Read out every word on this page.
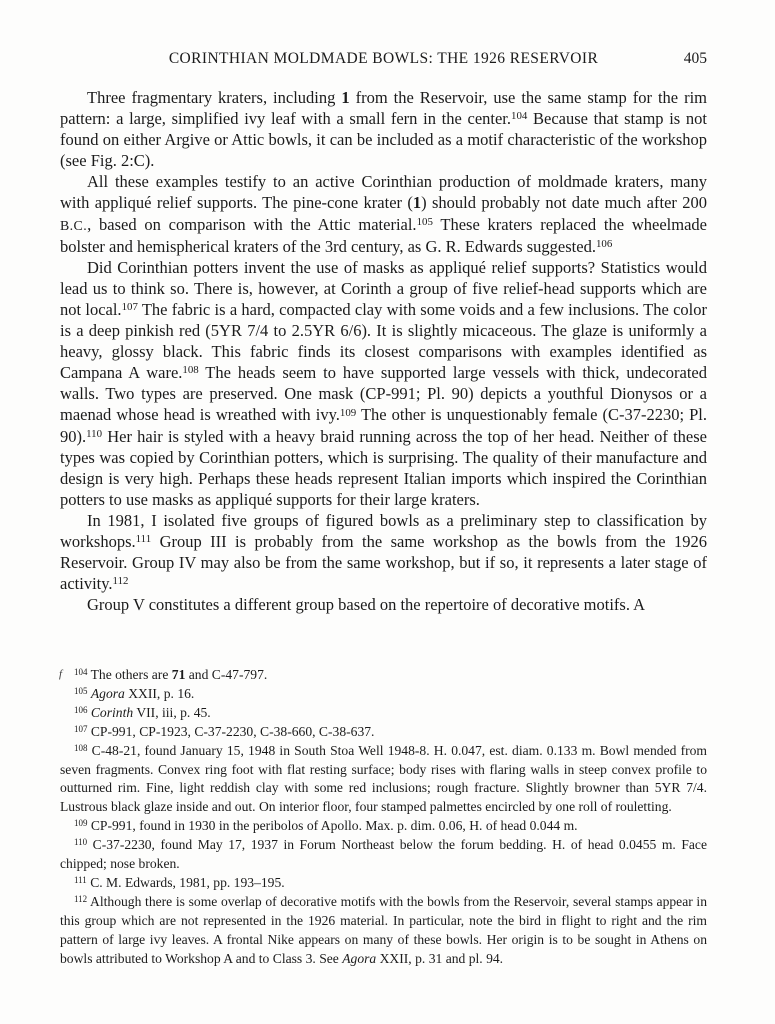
CORINTHIAN MOLDMADE BOWLS: THE 1926 RESERVOIR	405

Three fragmentary kraters, including 1 from the Reservoir, use the same stamp for the rim pattern: a large, simplified ivy leaf with a small fern in the center.$^{104}$ Because that stamp is not found on either Argive or Attic bowls, it can be included as a motif characteristic of the workshop (see Fig. 2:C).

All these examples testify to an active Corinthian production of moldmade kraters, many with appliqué relief supports. The pine-cone krater (1) should probably not date much after 200 B.C., based on comparison with the Attic material.$^{105}$ These kraters replaced the wheelmade bolster and hemispherical kraters of the 3rd century, as G. R. Edwards suggested.$^{106}$

Did Corinthian potters invent the use of masks as appliqué relief supports? Statistics would lead us to think so. There is, however, at Corinth a group of five relief-head supports which are not local.$^{107}$ The fabric is a hard, compacted clay with some voids and a few inclusions. The color is a deep pinkish red (5YR 7/4 to 2.5YR 6/6). It is slightly micaceous. The glaze is uniformly a heavy, glossy black. This fabric finds its closest comparisons with examples identified as Campana A ware.$^{108}$ The heads seem to have supported large vessels with thick, undecorated walls. Two types are preserved. One mask (CP-991; Pl. 90) depicts a youthful Dionysos or a maenad whose head is wreathed with ivy.$^{109}$ The other is unquestionably female (C-37-2230; Pl. 90).$^{110}$ Her hair is styled with a heavy braid running across the top of her head. Neither of these types was copied by Corinthian potters, which is surprising. The quality of their manufacture and design is very high. Perhaps these heads represent Italian imports which inspired the Corinthian potters to use masks as appliqué supports for their large kraters.

In 1981, I isolated five groups of figured bowls as a preliminary step to classification by workshops.$^{111}$ Group III is probably from the same workshop as the bowls from the 1926 Reservoir. Group IV may also be from the same workshop, but if so, it represents a later stage of activity.$^{112}$

Group V constitutes a different group based on the repertoire of decorative motifs. A

f	$^{104}$ The others are 71 and C-47-797.

$^{105}$ Agora XXII, p. 16.

$^{106}$ Corinth VII, iii, p. 45.

$^{107}$ CP-991, CP-1923, C-37-2230, C-38-660, C-38-637.

$^{108}$ C-48-21, found January 15, 1948 in South Stoa Well 1948-8. H. 0.047, est. diam. 0.133 m. Bowl mended from seven fragments. Convex ring foot with flat resting surface; body rises with flaring walls in steep convex profile to outturned rim. Fine, light reddish clay with some red inclusions; rough fracture. Slightly browner than 5YR 7/4. Lustrous black glaze inside and out. On interior floor, four stamped palmettes encircled by one roll of rouletting.

$^{109}$ CP-991, found in 1930 in the peribolos of Apollo. Max. p. dim. 0.06, H. of head 0.044 m.

$^{110}$ C-37-2230, found May 17, 1937 in Forum Northeast below the forum bedding. H. of head 0.0455 m. Face chipped; nose broken.

$^{111}$ C. M. Edwards, 1981, pp. 193–195.

$^{112}$ Although there is some overlap of decorative motifs with the bowls from the Reservoir, several stamps appear in this group which are not represented in the 1926 material. In particular, note the bird in flight to right and the rim pattern of large ivy leaves. A frontal Nike appears on many of these bowls. Her origin is to be sought in Athens on bowls attributed to Workshop A and to Class 3. See Agora XXII, p. 31 and pl. 94.
